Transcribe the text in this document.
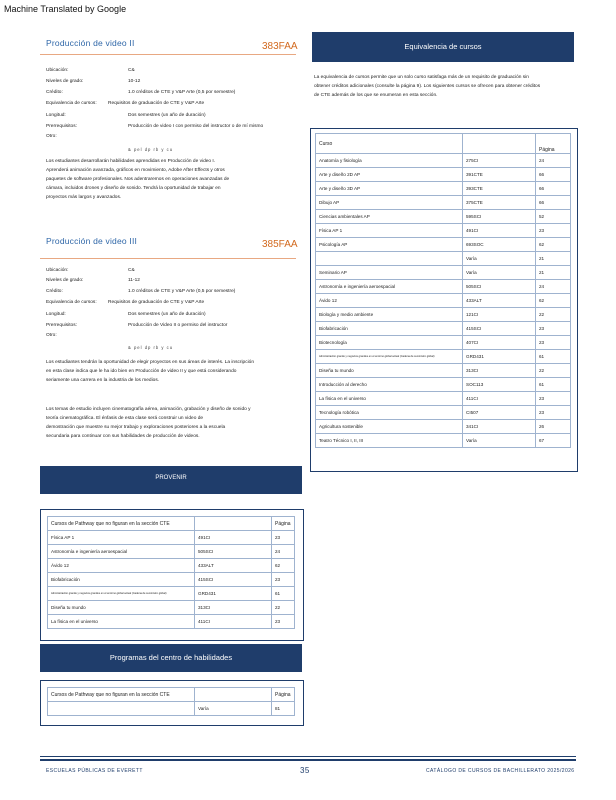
Machine Translated by Google
Producción de video II	383FAA
Ubicación:	C&
Niveles de grado:	10-12
Crédito:	1.0 créditos de CTE y V&P Arte (0,5 por semestre)
Equivalencia de cursos: Requisitos de graduación de CTE y V&P Arte
Longitud:	Dos semestres (un año de duración)
Prerrequisitos:	Producción de video I con permiso del instructor o de mí mismo
Otro:
& pel dp rb y cu
Los estudiantes desarrollarán habilidades aprendidas en Producción de video I.
Aprenderá animación avanzada, gráficos en movimiento, Adobe After Effects y otros
paquetes de software profesionales. Nos adentraremos en operaciones avanzadas de
cámara, incluidos drones y diseño de sonido. Tendrá la oportunidad de trabajar en
proyectos más largos y avanzados.
Producción de video III	385FAA
Ubicación:	C&
Niveles de grado:	11-12
Crédito:	1.0 créditos de CTE y V&P Arte (0,5 por semestre)
Equivalencia de cursos: Requisitos de graduación de CTE y V&P Arte
Longitud:	Dos semestres (un año de duración)
Prerrequisitos:	Producción de Video II o permiso del instructor
Otro:
& pel dp rb y cu
Los estudiantes tendrán la oportunidad de elegir proyectos en sus áreas de interés. La inscripción
en esta clase indica que le ha ido bien en Producción de video II y que está considerando
seriamente una carrera en la industria de los medios.
Los temas de estudio incluyen cinematografía aérea, animación, grabación y diseño de sonido y
teoría cinematográfica. El énfasis de esta clase será construir un video de
demostración que muestre su mejor trabajo y exploraciones posteriores a la escuela
secundaria para continuar con sus habilidades de producción de videos.
PROVENIR
Cursos de Pathway que no figuran en la sección CTE		Página
Física AP 1	491CI	23
Astronomía e ingeniería aeroespacial	505SCI	24
Ávido 12	433ALT	62
Biofabricación	415SCI	23
Administración grande y negocios grandes en el entorno global actual (Cadena de suministro global)	GRD431	61
Diseña tu mundo	313CI	22
La física en el universo	411CI	23
Programas del centro de habilidades
Cursos de Pathway que no figuran en la sección CTE		Página
	Varía	81
Equivalencia de cursos
La equivalencia de cursos permite que un solo curso satisfaga más de un requisito de graduación sin
obtener créditos adicionales (consulte la página 9). Los siguientes cursos se ofrecen para obtener créditos
de CTE además de los que se enumeran en esta sección.
Curso		Página
Anatomía y fisiología	275CI	24
Arte y diseño 2D AP	391CTE	66
Arte y diseño 3D AP	393CTE	66
Dibujo AP	375CTE	66
Ciencias ambientales AP	595SCI	52
Física AP 1	491CI	23
Psicología AP	693SOC	62
	Varía	21
Seminario AP	Varía	21
Astronomía e ingeniería aeroespacial	505SCI	24
Ávido 12	433ALT	62
Biología y medio ambiente	121CI	22
Biofabricación	415SCI	23
Biotecnología	407CI	23
Administración grande y negocios grandes en el entorno global actual (Cadena de suministro global)	GRD431	61
Diseña tu mundo	313CI	22
Introducción al derecho	SOC113	61
La física en el universo	411CI	23
Tecnología robótica	CI507	23
Agricultura sostenible	341CI	26
Teatro Técnico I, II, III	Varía	67
ESCUELAS PÚBLICAS DE EVERETT	35	CATÁLOGO DE CURSOS DE BACHILLERATO 2025/2026
